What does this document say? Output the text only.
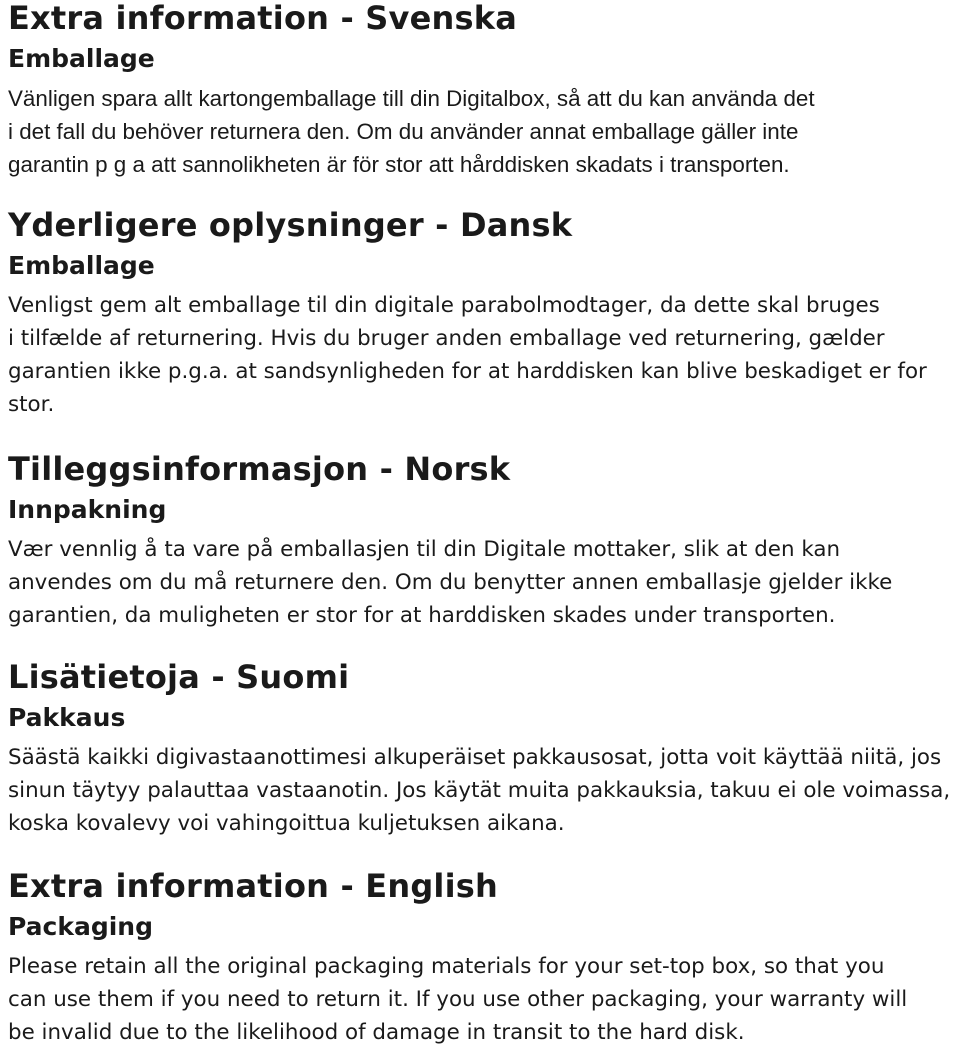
Extra information - Svenska
Emballage
Vänligen spara allt kartongemballage till din Digitalbox, så att du kan använda det
i det fall du behöver returnera den. Om du använder annat emballage gäller inte
garantin p g a att sannolikheten är för stor att hårddisken skadats i transporten.
Yderligere oplysninger - Dansk
Emballage
Venligst gem alt emballage til din digitale parabolmodtager, da dette skal bruges
i tilfælde af returnering. Hvis du bruger anden emballage ved returnering, gælder
garantien ikke p.g.a. at sandsynligheden for at harddisken kan blive beskadiget er for
stor.
Tilleggsinformasjon - Norsk
Innpakning
Vær vennlig å ta vare på emballasjen til din Digitale mottaker, slik at den kan
anvendes om du må returnere den. Om du benytter annen emballasje gjelder ikke
garantien, da muligheten er stor for at harddisken skades under transporten.
Lisätietoja - Suomi
Pakkaus
Säästä kaikki digivastaanottimesi alkuperäiset pakkausosat, jotta voit käyttää niitä, jos
sinun täytyy palauttaa vastaanotin. Jos käytät muita pakkauksia, takuu ei ole voimassa,
koska kovalevy voi vahingoittua kuljetuksen aikana.
Extra information - English
Packaging
Please retain all the original packaging materials for your set-top box, so that you
can use them if you need to return it. If you use other packaging, your warranty will
be invalid due to the likelihood of damage in transit to the hard disk.
